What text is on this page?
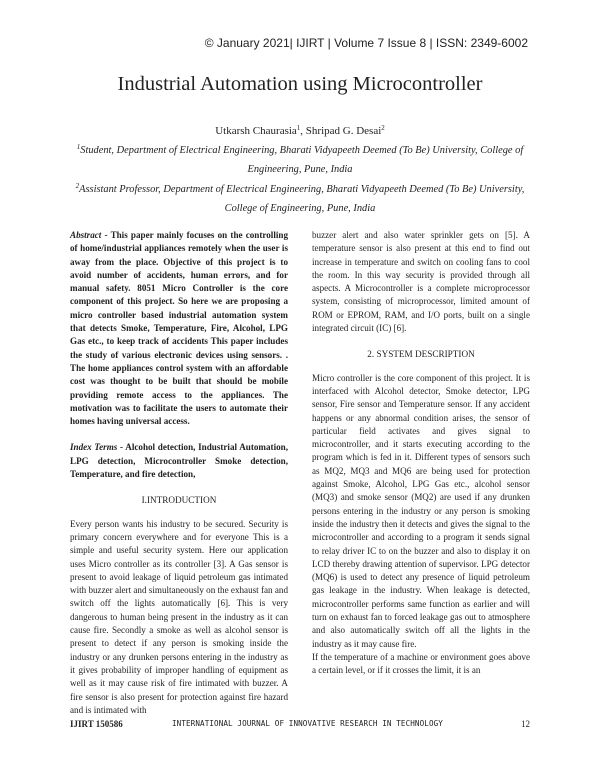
© January 2021| IJIRT | Volume 7 Issue 8 | ISSN: 2349-6002
Industrial Automation using Microcontroller
Utkarsh Chaurasia$^1$, Shripad G. Desai$^2$
$^1$Student, Department of Electrical Engineering, Bharati Vidyapeeth Deemed (To Be) University, College of Engineering, Pune, India
$^2$Assistant Professor, Department of Electrical Engineering, Bharati Vidyapeeth Deemed (To Be) University, College of Engineering, Pune, India

Abstract - This paper mainly focuses on the controlling of home/industrial appliances remotely when the user is away from the place. Objective of this project is to avoid number of accidents, human errors, and for manual safety. 8051 Micro Controller is the core component of this project. So here we are proposing a micro controller based industrial automation system that detects Smoke, Temperature, Fire, Alcohol, LPG Gas etc., to keep track of accidents This paper includes the study of various electronic devices using sensors. . The home appliances control system with an affordable cost was thought to be built that should be mobile providing remote access to the appliances. The motivation was to facilitate the users to automate their homes having universal access.

Index Terms - Alcohol detection, Industrial Automation, LPG detection, Microcontroller Smoke detection, Temperature, and fire detection,

I.INTRODUCTION

Every person wants his industry to be secured. Security is primary concern everywhere and for everyone This is a simple and useful security system. Here our application uses Micro controller as its controller [3]. A Gas sensor is present to avoid leakage of liquid petroleum gas intimated with buzzer alert and simultaneously on the exhaust fan and switch off the lights automatically [6]. This is very dangerous to human being present in the industry as it can cause fire. Secondly a smoke as well as alcohol sensor is present to detect if any person is smoking inside the industry or any drunken persons entering in the industry as it gives probability of improper handling of equipment as well as it may cause risk of fire intimated with buzzer. A fire sensor is also present for protection against fire hazard and is intimated with

buzzer alert and also water sprinkler gets on [5]. A temperature sensor is also present at this end to find out increase in temperature and switch on cooling fans to cool the room. In this way security is provided through all aspects. A Microcontroller is a complete microprocessor system, consisting of microprocessor, limited amount of ROM or EPROM, RAM, and I/O ports, built on a single integrated circuit (IC) [6].

2. SYSTEM DESCRIPTION

Micro controller is the core component of this project. It is interfaced with Alcohol detector, Smoke detector, LPG sensor, Fire sensor and Temperature sensor. If any accident happens or any abnormal condition arises, the sensor of particular field activates and gives signal to microcontroller, and it starts executing according to the program which is fed in it. Different types of sensors such as MQ2, MQ3 and MQ6 are being used for protection against Smoke, Alcohol, LPG Gas etc., alcohol sensor (MQ3) and smoke sensor (MQ2) are used if any drunken persons entering in the industry or any person is smoking inside the industry then it detects and gives the signal to the microcontroller and according to a program it sends signal to relay driver IC to on the buzzer and also to display it on LCD thereby drawing attention of supervisor. LPG detector (MQ6) is used to detect any presence of liquid petroleum gas leakage in the industry. When leakage is detected, microcontroller performs same function as earlier and will turn on exhaust fan to forced leakage gas out to atmosphere and also automatically switch off all the lights in the industry as it may cause fire.

If the temperature of a machine or environment goes above a certain level, or if it crosses the limit, it is an

IJIRT 150586	INTERNATIONAL JOURNAL OF INNOVATIVE RESEARCH IN TECHNOLOGY	12
